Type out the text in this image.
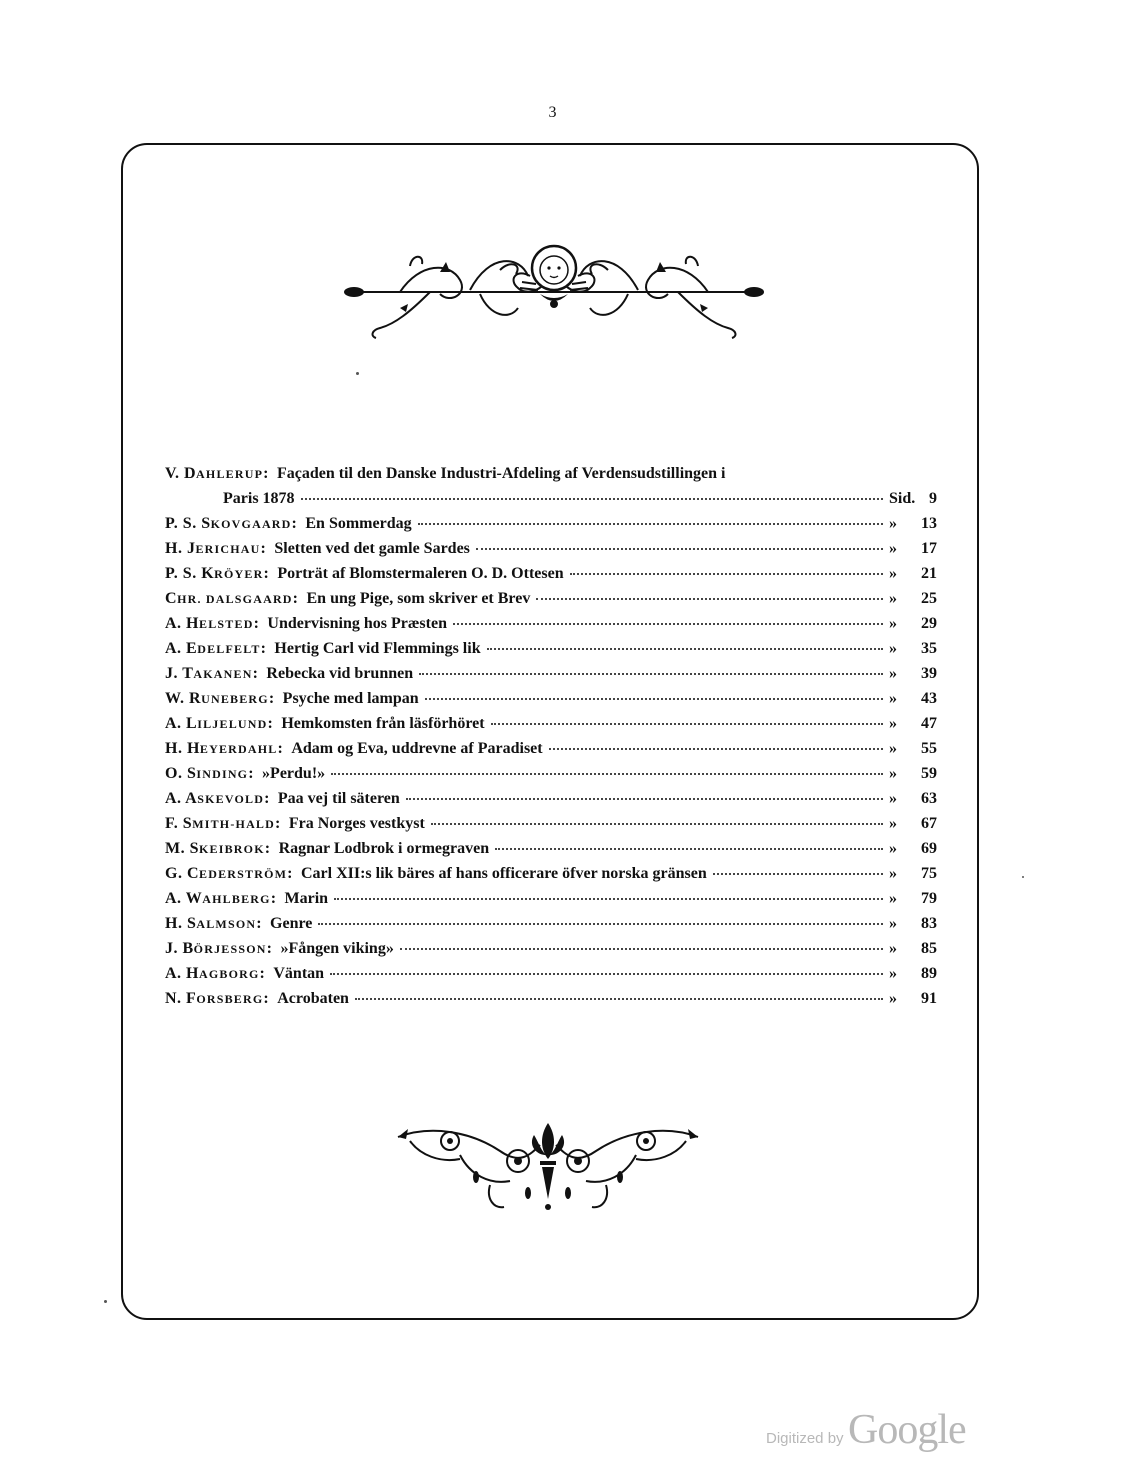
3
V. DAHLERUP: Façaden til den Danske Industri-Afdeling af Verdensudstillingen i
Paris 1878	Sid. 9
P. S. SKOVGAARD: En Sommerdag	»	13
H. JERICHAU: Sletten ved det gamle Sardes	»	17
P. S. KRÖYER: Porträt af Blomstermaleren O. D. Ottesen	»	21
CHR. DALSGAARD: En ung Pige, som skriver et Brev	»	25
A. HELSTED: Undervisning hos Præsten	»	29
A. EDELFELT: Hertig Carl vid Flemmings lik	»	35
J. TAKANEN: Rebecka vid brunnen	»	39
W. RUNEBERG: Psyche med lampan	»	43
A. LILJELUND: Hemkomsten från läsförhöret	»	47
H. HEYERDAHL: Adam og Eva, uddrevne af Paradiset	»	55
O. SINDING: »Perdu!»	»	59
A. ASKEVOLD: Paa vej til säteren	»	63
F. SMITH-HALD: Fra Norges vestkyst	»	67
M. SKEIBROK: Ragnar Lodbrok i ormegraven	»	69
G. CEDERSTRÖM: Carl XII:s lik bäres af hans officerare öfver norska gränsen	»	75
A. WAHLBERG: Marin	»	79
H. SALMSON: Genre	»	83
J. BÖRJESSON: »Fången viking»	»	85
A. HAGBORG: Väntan	»	89
N. FORSBERG: Acrobaten	»	91
Digitized by Google
